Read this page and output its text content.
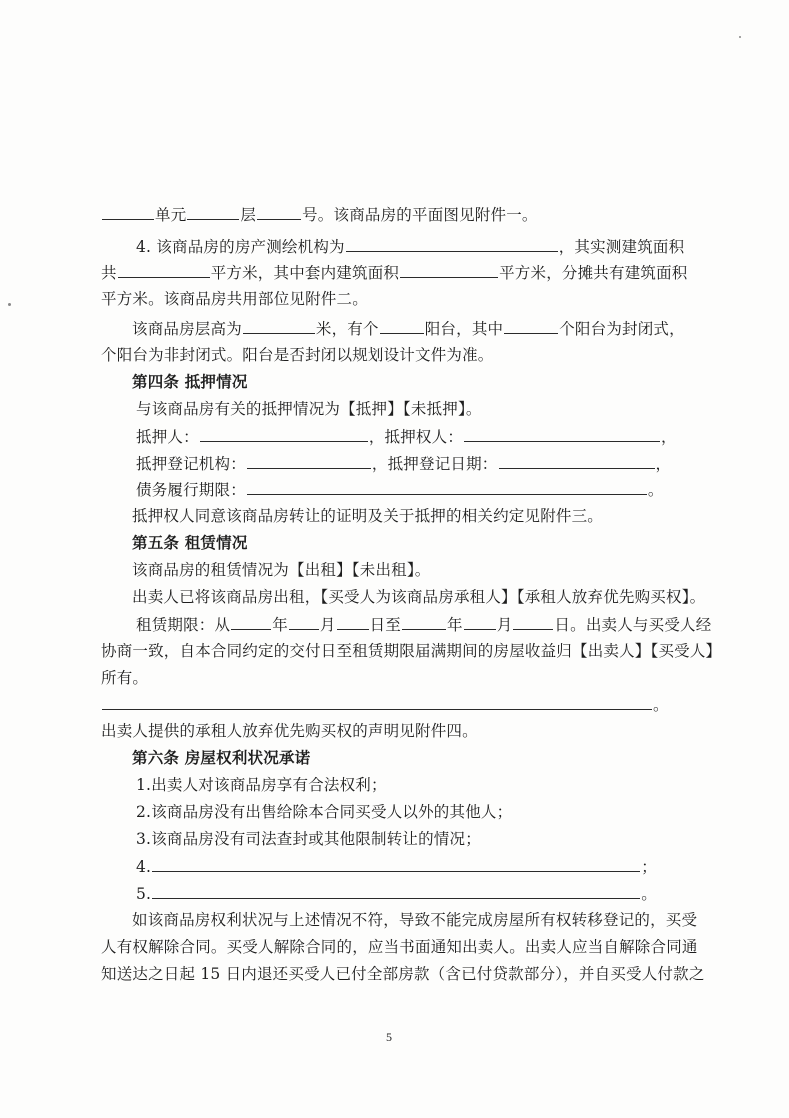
单元	层	号。该商品房的平面图见附件一。
4. 该商品房的房产测绘机构为	，其实测建筑面积
共	平方米，其中套内建筑面积	平方米，分摊共有建筑面积
平方米。该商品房共用部位见附件二。
该商品房层高为	米，有个	阳台，其中	个阳台为封闭式，
个阳台为非封闭式。阳台是否封闭以规划设计文件为准。
第四条 抵押情况
与该商品房有关的抵押情况为【抵押】【未抵押】。
抵押人：	，抵押权人：	，
抵押登记机构：	，抵押登记日期：	，
债务履行期限：	。
抵押权人同意该商品房转让的证明及关于抵押的相关约定见附件三。
第五条 租赁情况
该商品房的租赁情况为【出租】【未出租】。
出卖人已将该商品房出租，【买受人为该商品房承租人】【承租人放弃优先购买权】。
租赁期限：从	年 月 日至	年 月	日。出卖人与买受人经
协商一致，自本合同约定的交付日至租赁期限届满期间的房屋收益归【出卖人】【买受人】
所有。
。
出卖人提供的承租人放弃优先购买权的声明见附件四。
第六条 房屋权利状况承诺
1.出卖人对该商品房享有合法权利；
2.该商品房没有出售给除本合同买受人以外的其他人；
3.该商品房没有司法查封或其他限制转让的情况；
4.	；
5.	。
如该商品房权利状况与上述情况不符，导致不能完成房屋所有权转移登记的，买受
人有权解除合同。买受人解除合同的，应当书面通知出卖人。出卖人应当自解除合同通
知送达之日起 15 日内退还买受人已付全部房款（含已付贷款部分），并自买受人付款之
5
